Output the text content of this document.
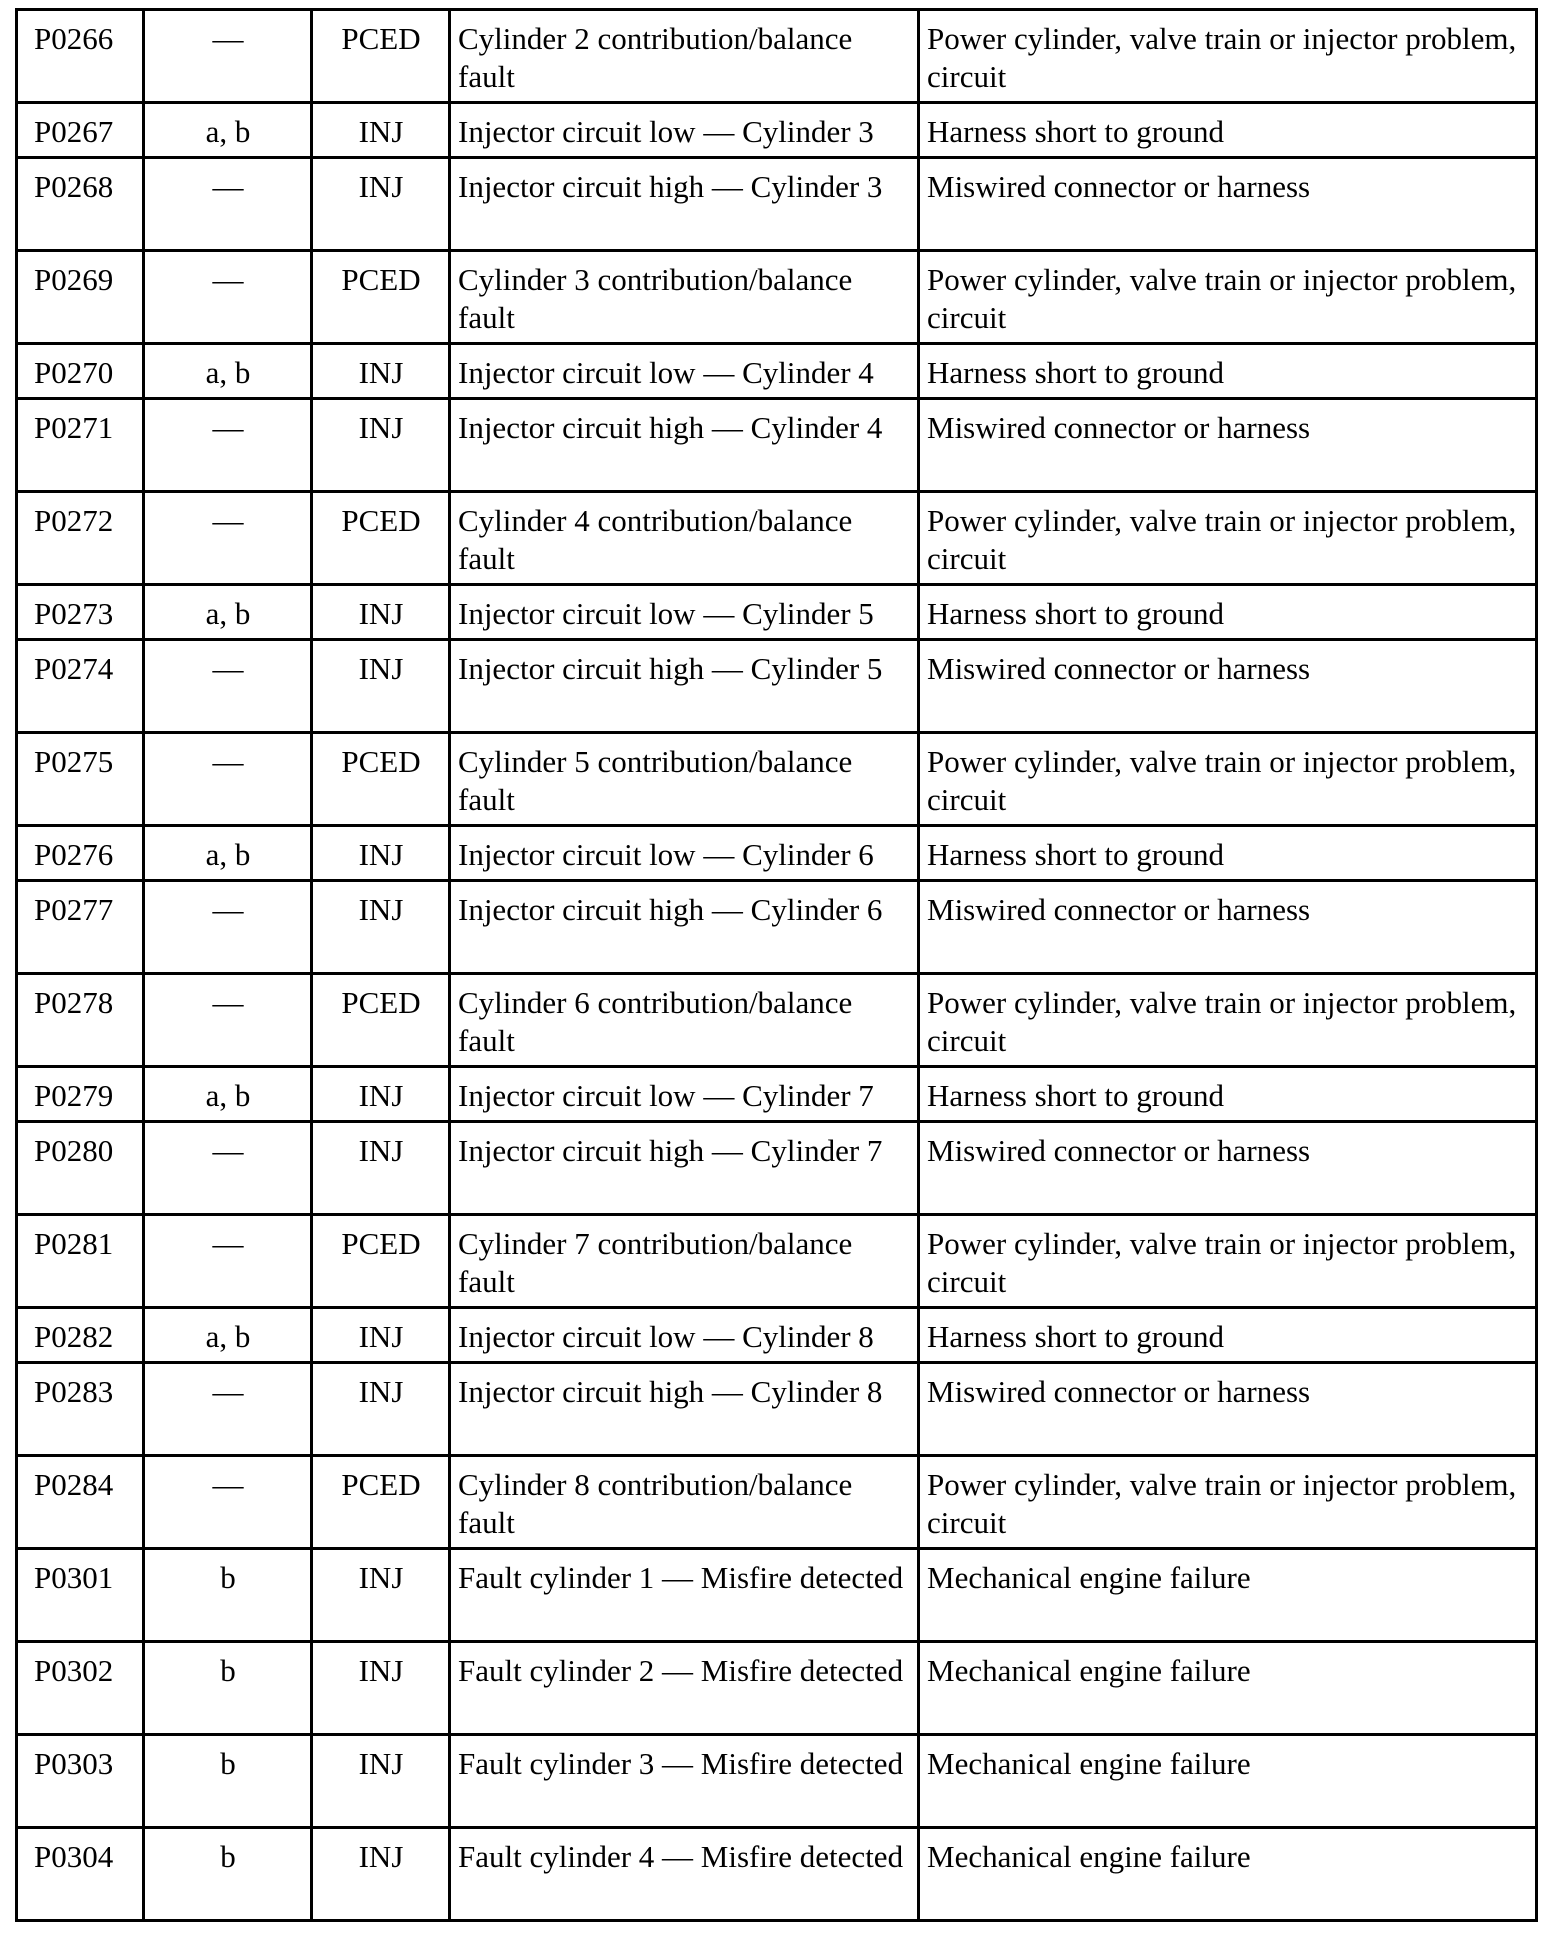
P0266	—	PCED	Cylinder 2 contribution/balance fault	Power cylinder, valve train or injector problem, circuit
P0267	a, b	INJ	Injector circuit low — Cylinder 3	Harness short to ground
P0268	—	INJ	Injector circuit high — Cylinder 3	Miswired connector or harness
P0269	—	PCED	Cylinder 3 contribution/balance fault	Power cylinder, valve train or injector problem, circuit
P0270	a, b	INJ	Injector circuit low — Cylinder 4	Harness short to ground
P0271	—	INJ	Injector circuit high — Cylinder 4	Miswired connector or harness
P0272	—	PCED	Cylinder 4 contribution/balance fault	Power cylinder, valve train or injector problem, circuit
P0273	a, b	INJ	Injector circuit low — Cylinder 5	Harness short to ground
P0274	—	INJ	Injector circuit high — Cylinder 5	Miswired connector or harness
P0275	—	PCED	Cylinder 5 contribution/balance fault	Power cylinder, valve train or injector problem, circuit
P0276	a, b	INJ	Injector circuit low — Cylinder 6	Harness short to ground
P0277	—	INJ	Injector circuit high — Cylinder 6	Miswired connector or harness
P0278	—	PCED	Cylinder 6 contribution/balance fault	Power cylinder, valve train or injector problem, circuit
P0279	a, b	INJ	Injector circuit low — Cylinder 7	Harness short to ground
P0280	—	INJ	Injector circuit high — Cylinder 7	Miswired connector or harness
P0281	—	PCED	Cylinder 7 contribution/balance fault	Power cylinder, valve train or injector problem, circuit
P0282	a, b	INJ	Injector circuit low — Cylinder 8	Harness short to ground
P0283	—	INJ	Injector circuit high — Cylinder 8	Miswired connector or harness
P0284	—	PCED	Cylinder 8 contribution/balance fault	Power cylinder, valve train or injector problem, circuit
P0301	b	INJ	Fault cylinder 1 — Misfire detected	Mechanical engine failure
P0302	b	INJ	Fault cylinder 2 — Misfire detected	Mechanical engine failure
P0303	b	INJ	Fault cylinder 3 — Misfire detected	Mechanical engine failure
P0304	b	INJ	Fault cylinder 4 — Misfire detected	Mechanical engine failure
